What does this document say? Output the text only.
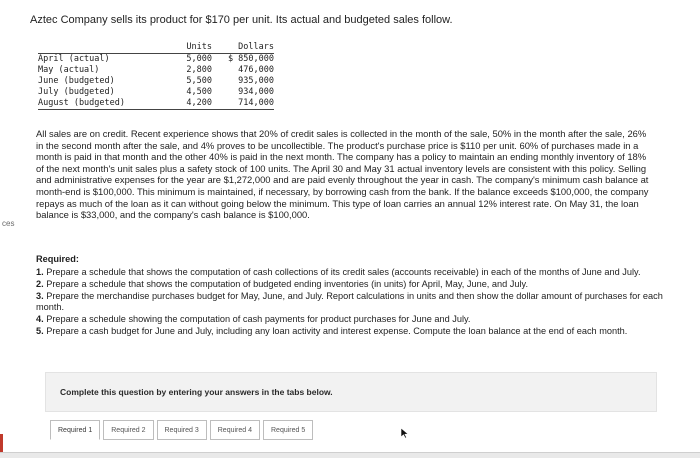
ces

Aztec Company sells its product for $170 per unit. Its actual and budgeted sales follow.

	Units	Dollars
April (actual)	5,000	$ 850,000
May (actual)	2,800	476,000
June (budgeted)	5,500	935,000
July (budgeted)	4,500	934,000
August (budgeted)	4,200	714,000

All sales are on credit. Recent experience shows that 20% of credit sales is collected in the month of the sale, 50% in the month after the sale, 26% in the second month after the sale, and 4% proves to be uncollectible. The product's purchase price is $110 per unit. 60% of purchases made in a month is paid in that month and the other 40% is paid in the next month. The company has a policy to maintain an ending monthly inventory of 18% of the next month's unit sales plus a safety stock of 100 units. The April 30 and May 31 actual inventory levels are consistent with this policy. Selling and administrative expenses for the year are $1,272,000 and are paid evenly throughout the year in cash. The company's minimum cash balance at month-end is $100,000. This minimum is maintained, if necessary, by borrowing cash from the bank. If the balance exceeds $100,000, the company repays as much of the loan as it can without going below the minimum. This type of loan carries an annual 12% interest rate. On May 31, the loan balance is $33,000, and the company's cash balance is $100,000.

Required:

1. Prepare a schedule that shows the computation of cash collections of its credit sales (accounts receivable) in each of the months of June and July.

2. Prepare a schedule that shows the computation of budgeted ending inventories (in units) for April, May, June, and July.

3. Prepare the merchandise purchases budget for May, June, and July. Report calculations in units and then show the dollar amount of purchases for each month.

4. Prepare a schedule showing the computation of cash payments for product purchases for June and July.

5. Prepare a cash budget for June and July, including any loan activity and interest expense. Compute the loan balance at the end of each month.

Complete this question by entering your answers in the tabs below.

Required 1	Required 2	Required 3	Required 4	Required 5
